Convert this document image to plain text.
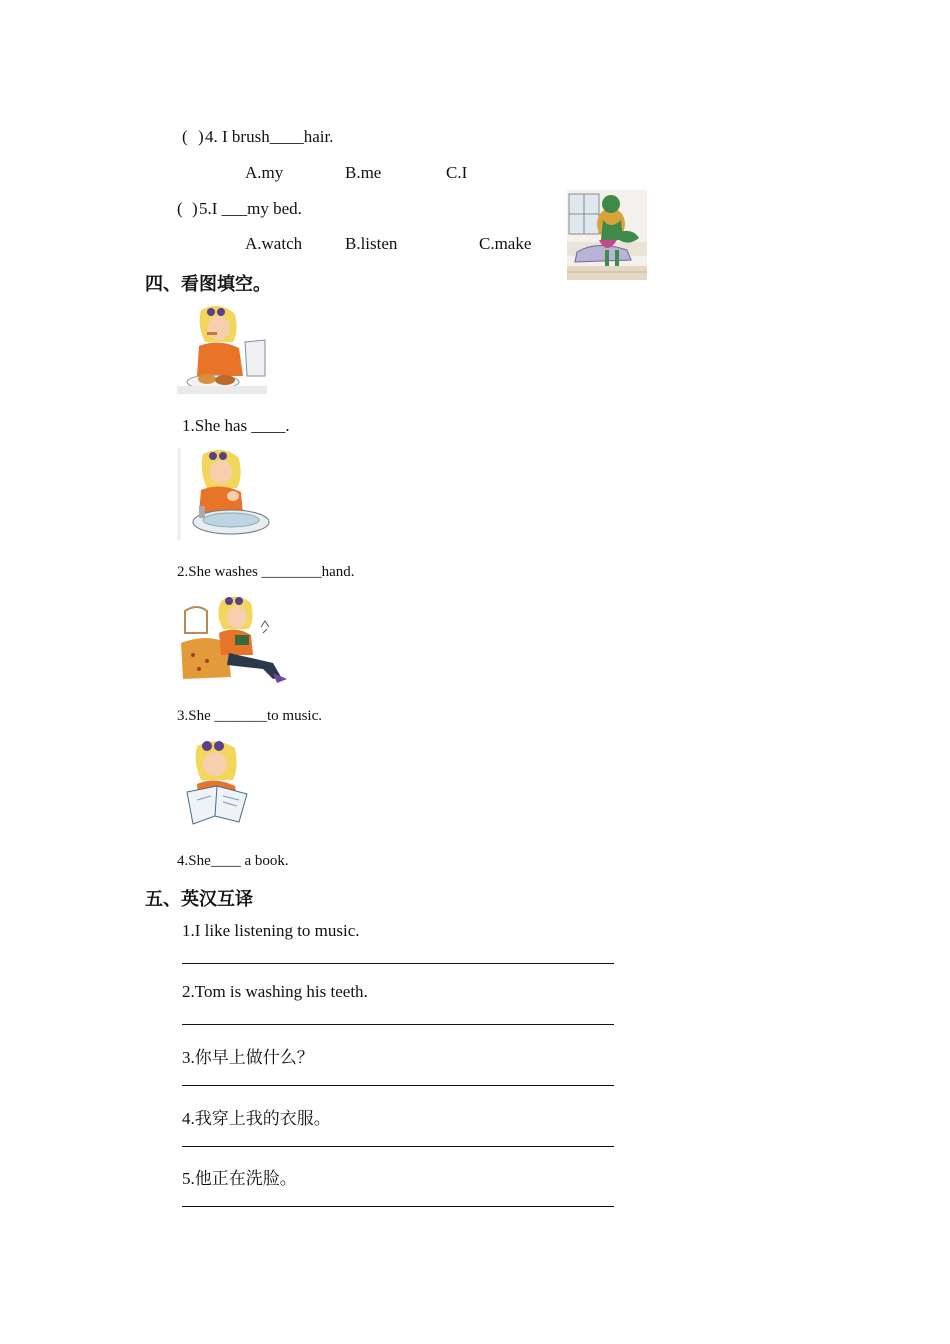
( ) 4. I brush____hair.
A.my	B.me	C.I
( ) 5.I ___my bed.
A.watch	B.listen	C.make
四、看图填空。
1.She has ____.
2.She washes ________hand.
3.She _______to music.
4.She____ a book.
五、英汉互译
1.I like listening to music.
2.Tom is washing his teeth.
3.你早上做什么？
4.我穿上我的衣服。
5.他正在洗脸。
